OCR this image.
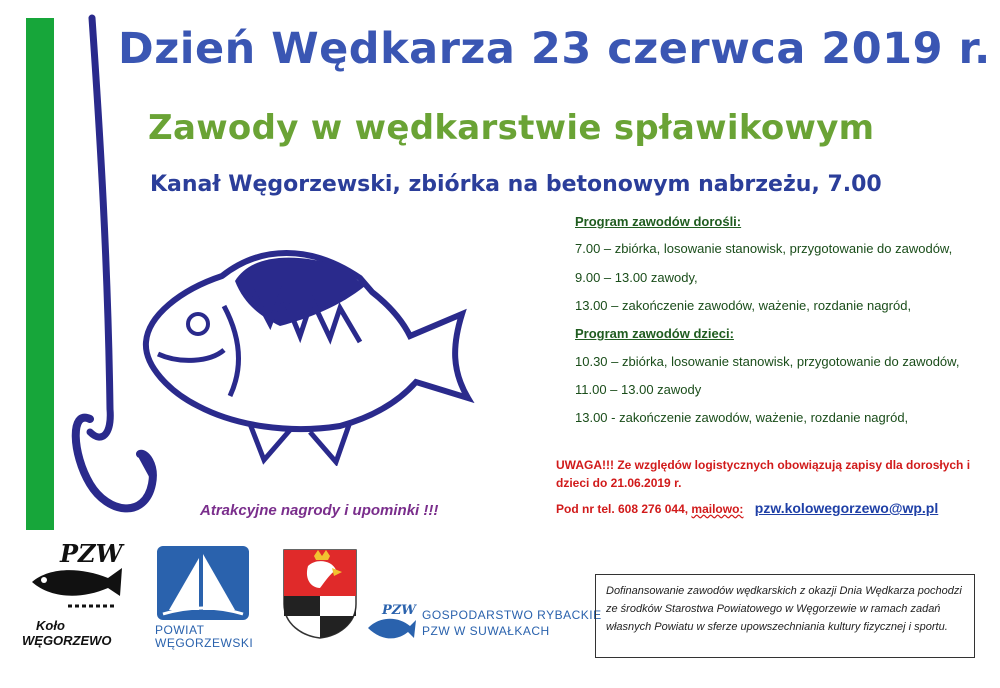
Dzień Wędkarza 23 czerwca 2019 r.
Zawody w wędkarstwie spławikowym
Kanał Węgorzewski, zbiórka na betonowym nabrzeżu, 7.00
Program zawodów dorośli:
7.00 – zbiórka, losowanie stanowisk, przygotowanie do zawodów,
9.00 – 13.00 zawody,
13.00 – zakończenie zawodów, ważenie, rozdanie nagród,
Program zawodów dzieci:
10.30 – zbiórka, losowanie stanowisk, przygotowanie do zawodów,
11.00 – 13.00 zawody
13.00 - zakończenie zawodów, ważenie, rozdanie nagród,
UWAGA!!! Ze względów logistycznych obowiązują zapisy dla dorosłych i dzieci do 21.06.2019 r.
Pod nr tel. 608 276 044, mailowo: pzw.kolowegorzewo@wp.pl
Atrakcyjne nagrody i upominki !!!
PZW
Koło
WĘGORZEWO
POWIAT
WĘGORZEWSKI
PZW GOSPODARSTWO RYBACKIE
PZW W SUWAŁKACH
Dofinansowanie zawodów wędkarskich z okazji Dnia Wędkarza pochodzi ze środków Starostwa Powiatowego w Węgorzewie w ramach zadań własnych Powiatu w sferze upowszechniania kultury fizycznej i sportu.
